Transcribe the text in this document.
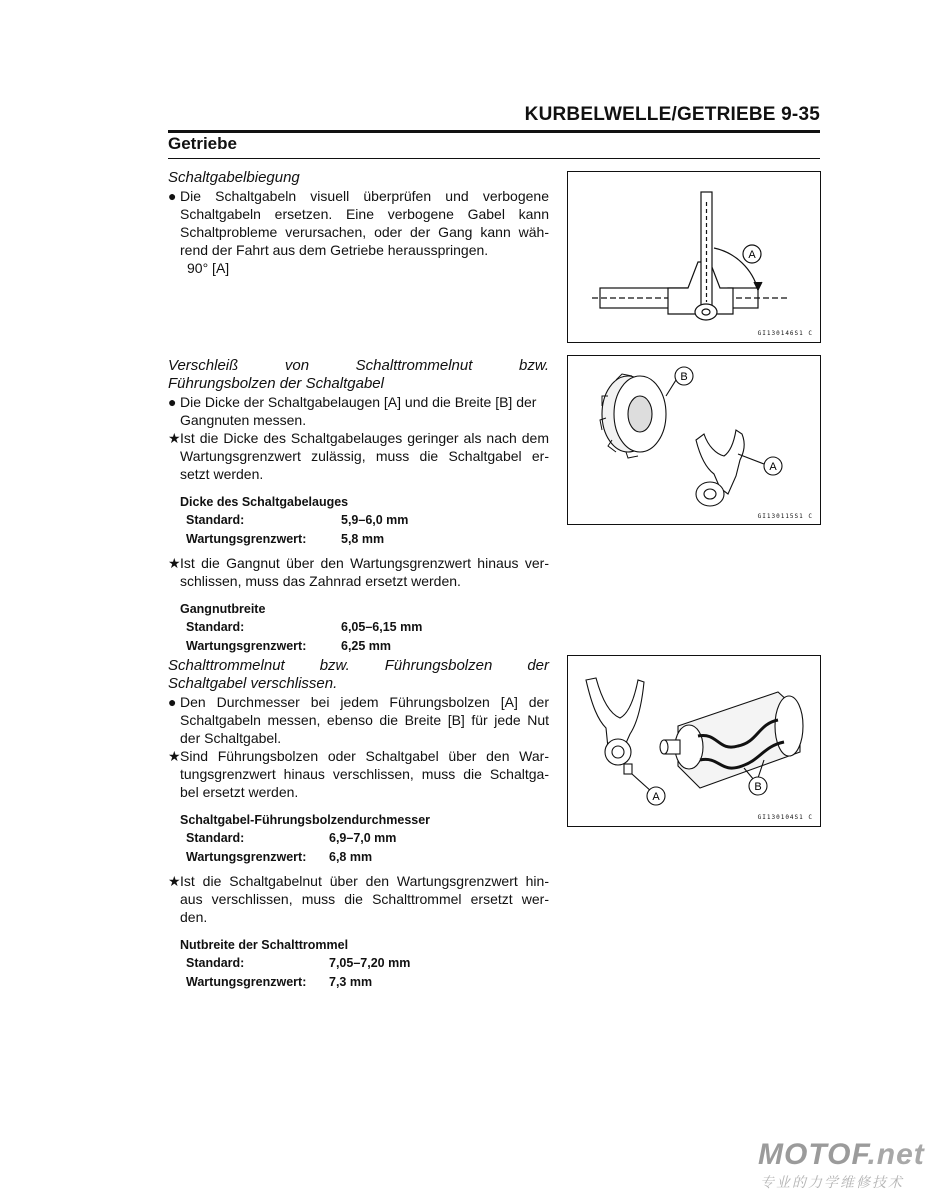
KURBELWELLE/GETRIEBE 9-35
Getriebe
Schaltgabelbiegung
● Die Schaltgabeln visuell überprüfen und verbogene
Schaltgabeln ersetzen. Eine verbogene Gabel kann
Schaltprobleme verursachen, oder der Gang kann wäh-
rend der Fahrt aus dem Getriebe herausspringen.
90° [A]
Verschleiß von Schalttrommelnut bzw.
Führungsbolzen der Schaltgabel
● Die Dicke der Schaltgabelaugen [A] und die Breite [B] der
Gangnuten messen.
★ Ist die Dicke des Schaltgabelauges geringer als nach dem
Wartungsgrenzwert zulässig, muss die Schaltgabel er-
setzt werden.
Dicke des Schaltgabelauges
Standard:	5,9–6,0 mm
Wartungsgrenzwert:	5,8 mm
★ Ist die Gangnut über den Wartungsgrenzwert hinaus ver-
schlissen, muss das Zahnrad ersetzt werden.
Gangnutbreite
Standard:	6,05–6,15 mm
Wartungsgrenzwert:	6,25 mm
Schalttrommelnut bzw. Führungsbolzen der
Schaltgabel verschlissen.
● Den Durchmesser bei jedem Führungsbolzen [A] der
Schaltgabeln messen, ebenso die Breite [B] für jede Nut
der Schaltgabel.
★ Sind Führungsbolzen oder Schaltgabel über den War-
tungsgrenzwert hinaus verschlissen, muss die Schaltga-
bel ersetzt werden.
Schaltgabel-Führungsbolzendurchmesser
Standard:	6,9–7,0 mm
Wartungsgrenzwert:	6,8 mm
★ Ist die Schaltgabelnut über den Wartungsgrenzwert hin-
aus verschlissen, muss die Schalttrommel ersetzt wer-
den.
Nutbreite der Schalttrommel
Standard:	7,05–7,20 mm
Wartungsgrenzwert:	7,3 mm
A
GI130146S1 C
B
A
GI130115S1 C
A
B
GI130104S1 C
MOTOF.net
专业的力学维修技术
